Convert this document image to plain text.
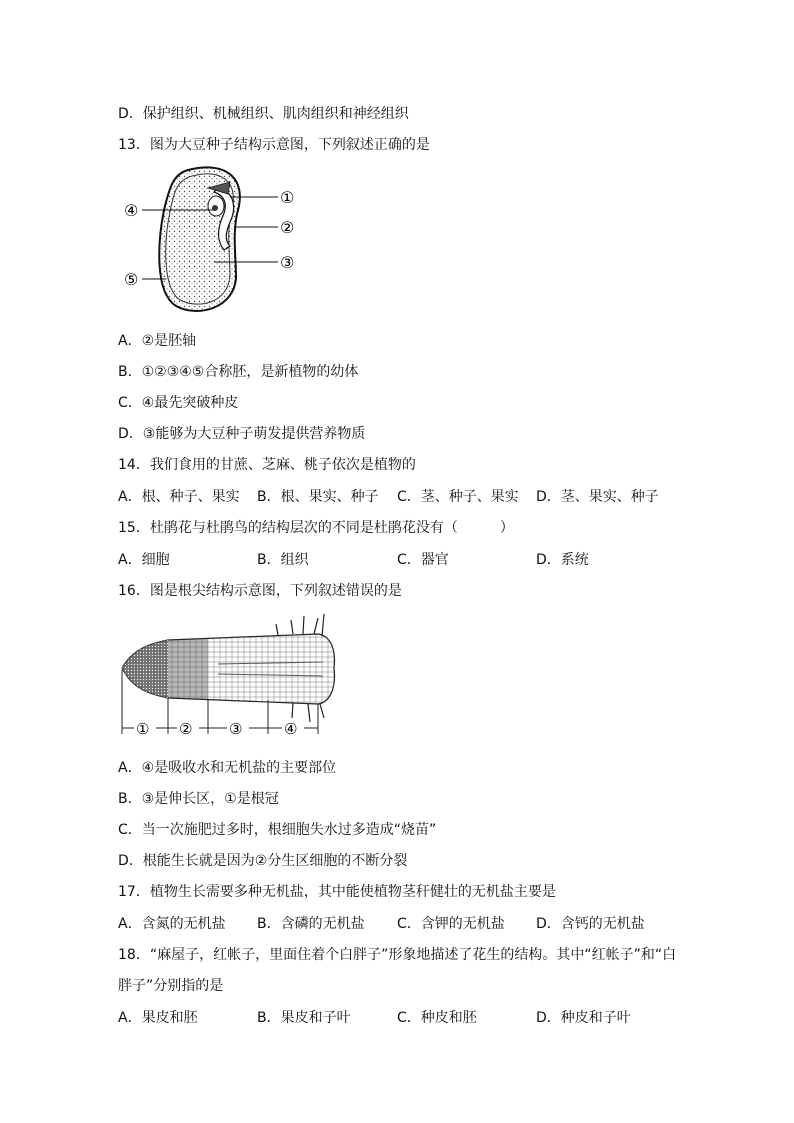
D．保护组织、机械组织、肌肉组织和神经组织
13．图为大豆种子结构示意图，下列叙述正确的是
①
②
③
④
⑤
A．②是胚轴
B．①②③④⑤合称胚，是新植物的幼体
C．④最先突破种皮
D．③能够为大豆种子萌发提供营养物质
14．我们食用的甘蔗、芝麻、桃子依次是植物的
A．根、种子、果实 B．根、果实、种子 C．茎、种子、果实 D．茎、果实、种子
15．杜鹃花与杜鹃鸟的结构层次的不同是杜鹃花没有（　　　）
A．细胞	B．组织	C．器官	D．系统
16．图是根尖结构示意图，下列叙述错误的是
① ② ③	④
A．④是吸收水和无机盐的主要部位
B．③是伸长区，①是根冠
C．当一次施肥过多时，根细胞失水过多造成“烧苗”
D．根能生长就是因为②分生区细胞的不断分裂
17．植物生长需要多种无机盐，其中能使植物茎秆健壮的无机盐主要是
A．含氮的无机盐 B．含磷的无机盐 C．含钾的无机盐 D．含钙的无机盐
18．“麻屋子，红帐子，里面住着个白胖子”形象地描述了花生的结构。其中“红帐子”和“白
胖子”分别指的是
A．果皮和胚	B．果皮和子叶	C．种皮和胚	D．种皮和子叶
